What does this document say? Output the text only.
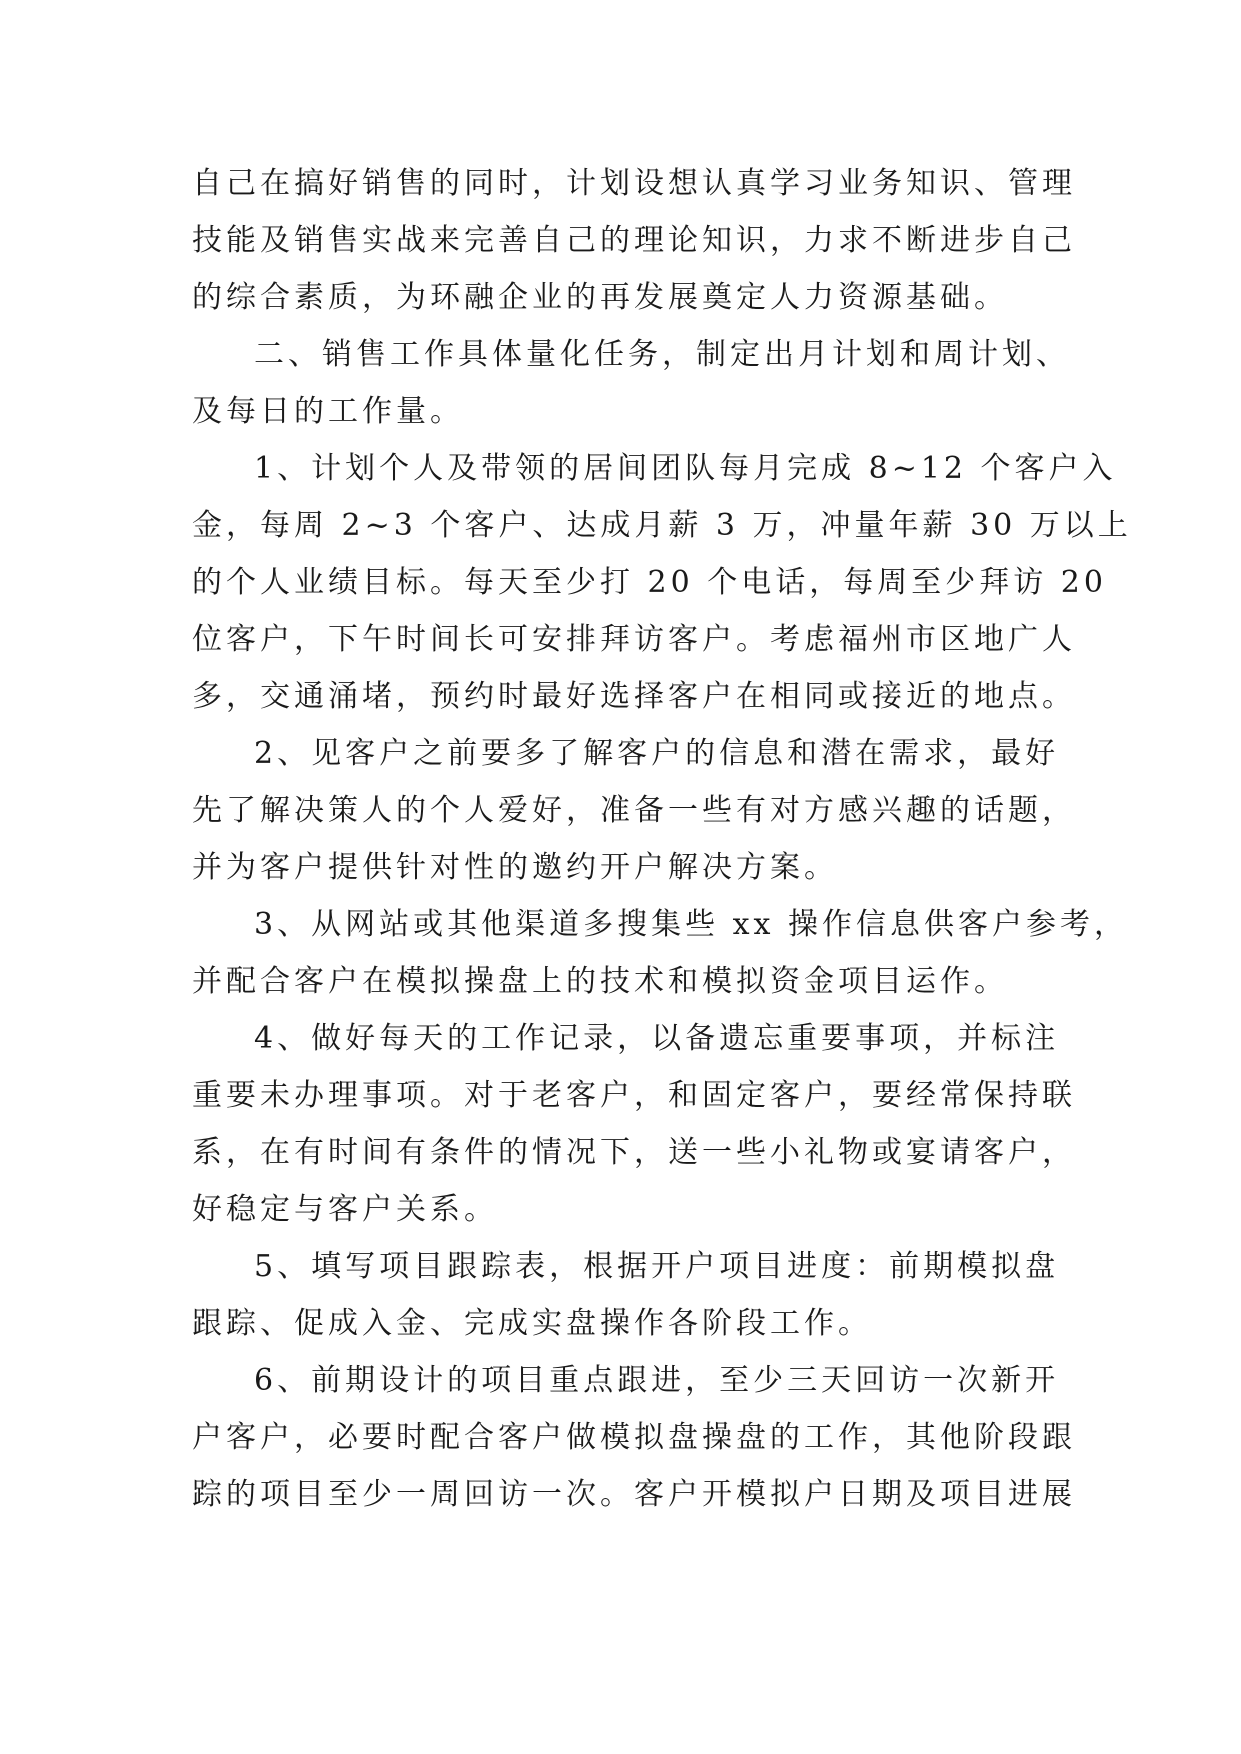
自己在搞好销售的同时，计划设想认真学习业务知识、管理
技能及销售实战来完善自己的理论知识，力求不断进步自己
的综合素质，为环融企业的再发展奠定人力资源基础。
二、销售工作具体量化任务，制定出月计划和周计划、
及每日的工作量。
1、计划个人及带领的居间团队每月完成 8~12 个客户入
金，每周 2~3 个客户、达成月薪 3 万，冲量年薪 30 万以上
的个人业绩目标。每天至少打 20 个电话，每周至少拜访 20
位客户，下午时间长可安排拜访客户。考虑福州市区地广人
多，交通涌堵，预约时最好选择客户在相同或接近的地点。
2、见客户之前要多了解客户的信息和潜在需求，最好
先了解决策人的个人爱好，准备一些有对方感兴趣的话题，
并为客户提供针对性的邀约开户解决方案。
3、从网站或其他渠道多搜集些 xx 操作信息供客户参考，
并配合客户在模拟操盘上的技术和模拟资金项目运作。
4、做好每天的工作记录，以备遗忘重要事项，并标注
重要未办理事项。对于老客户，和固定客户，要经常保持联
系，在有时间有条件的情况下，送一些小礼物或宴请客户，
好稳定与客户关系。
5、填写项目跟踪表，根据开户项目进度：前期模拟盘
跟踪、促成入金、完成实盘操作各阶段工作。
6、前期设计的项目重点跟进，至少三天回访一次新开
户客户，必要时配合客户做模拟盘操盘的工作，其他阶段跟
踪的项目至少一周回访一次。客户开模拟户日期及项目进展
